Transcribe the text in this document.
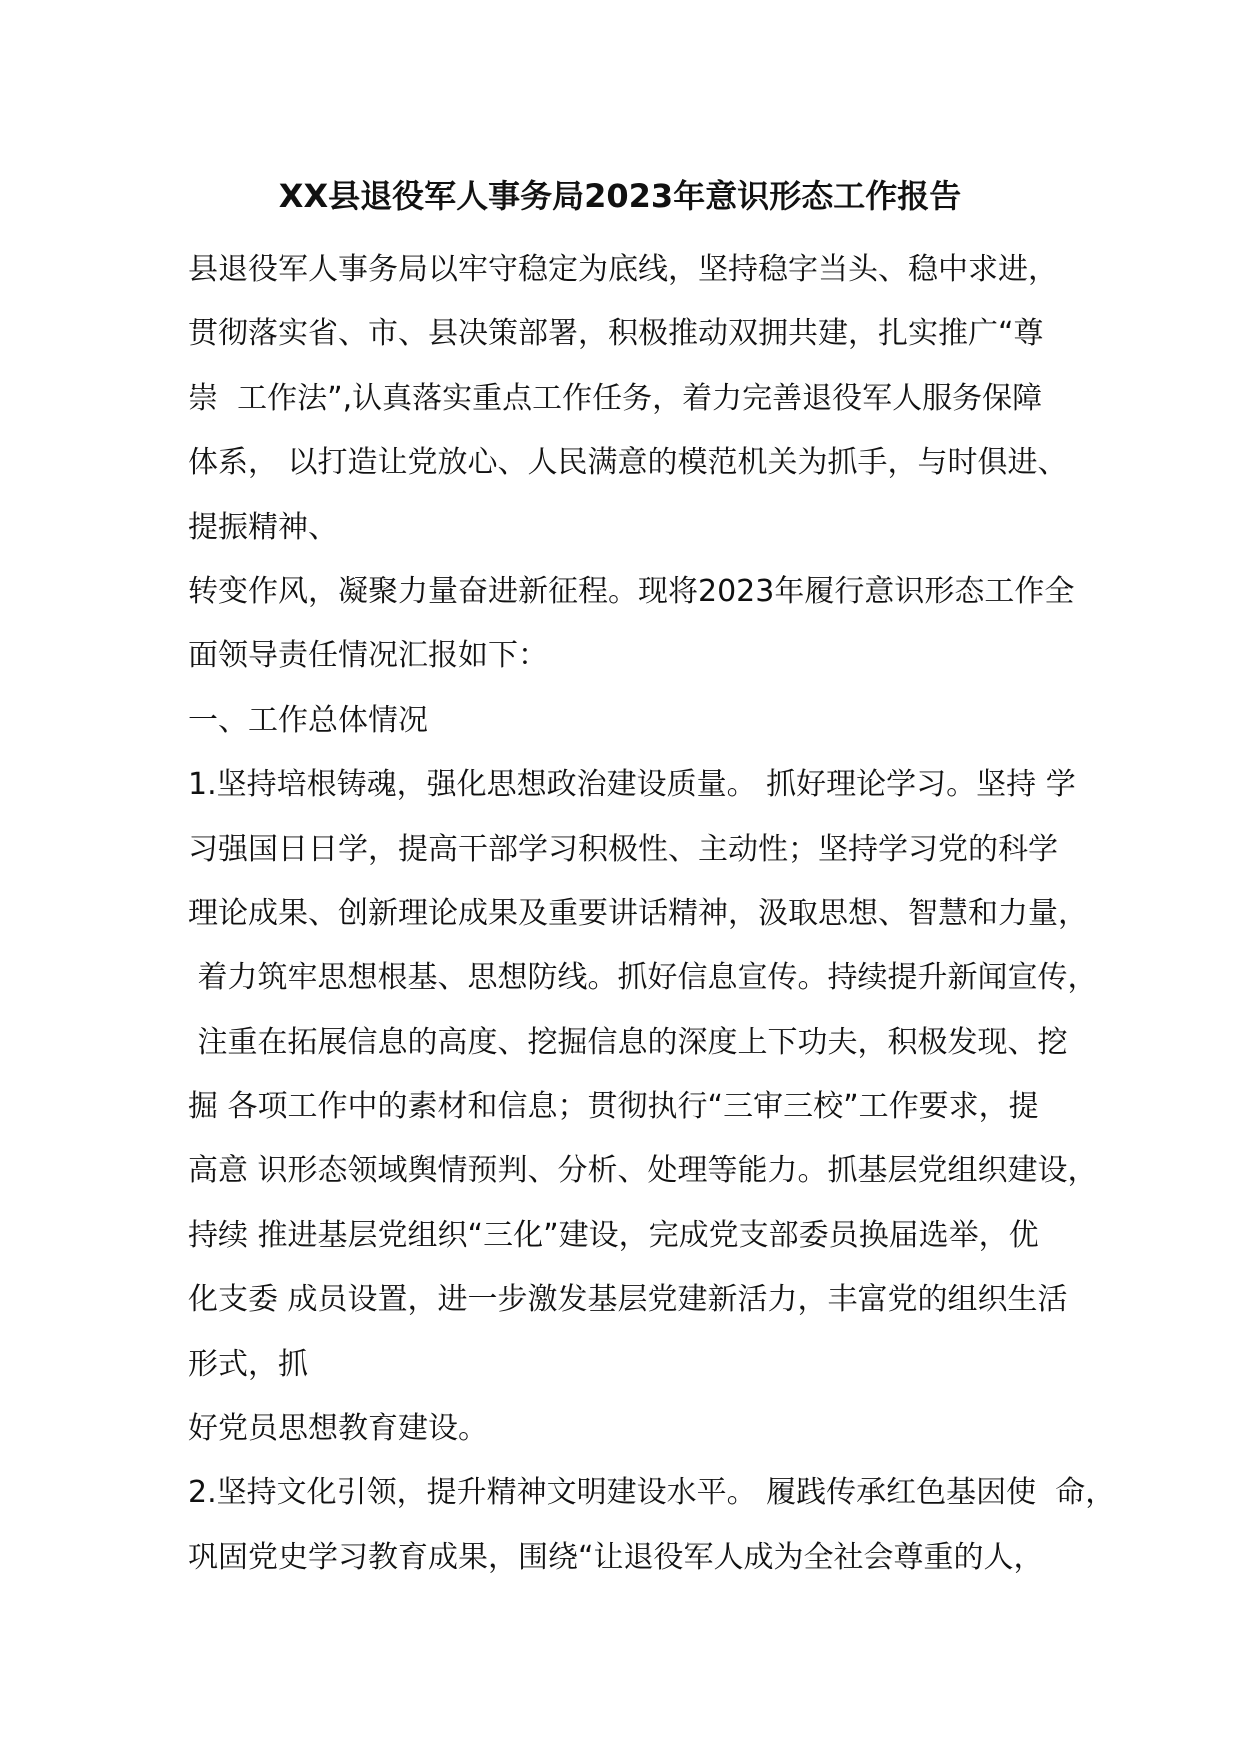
XX县退役军人事务局2023年意识形态工作报告
县退役军人事务局以牢守稳定为底线，坚持稳字当头、稳中求进，
贯彻落实省、市、县决策部署，积极推动双拥共建，扎实推广“尊
崇  工作法”,认真落实重点工作任务，着力完善退役军人服务保障
体系， 以打造让党放心、人民满意的模范机关为抓手，与时俱进、
提振精神、
转变作风，凝聚力量奋进新征程。现将2023年履行意识形态工作全
面领导责任情况汇报如下：
一、工作总体情况
1.坚持培根铸魂，强化思想政治建设质量。 抓好理论学习。坚持 学
习强国日日学，提高干部学习积极性、主动性；坚持学习党的科学
理论成果、创新理论成果及重要讲话精神，汲取思想、智慧和力量，
着力筑牢思想根基、思想防线。抓好信息宣传。持续提升新闻宣传，
注重在拓展信息的高度、挖掘信息的深度上下功夫，积极发现、挖
掘 各项工作中的素材和信息；贯彻执行“三审三校”工作要求，提
高意 识形态领域舆情预判、分析、处理等能力。抓基层党组织建设，
持续 推进基层党组织“三化”建设，完成党支部委员换届选举，优
化支委 成员设置，进一步激发基层党建新活力，丰富党的组织生活
形式，抓
好党员思想教育建设。
2.坚持文化引领，提升精神文明建设水平。 履践传承红色基因使  命，
巩固党史学习教育成果，围绕“让退役军人成为全社会尊重的人，
